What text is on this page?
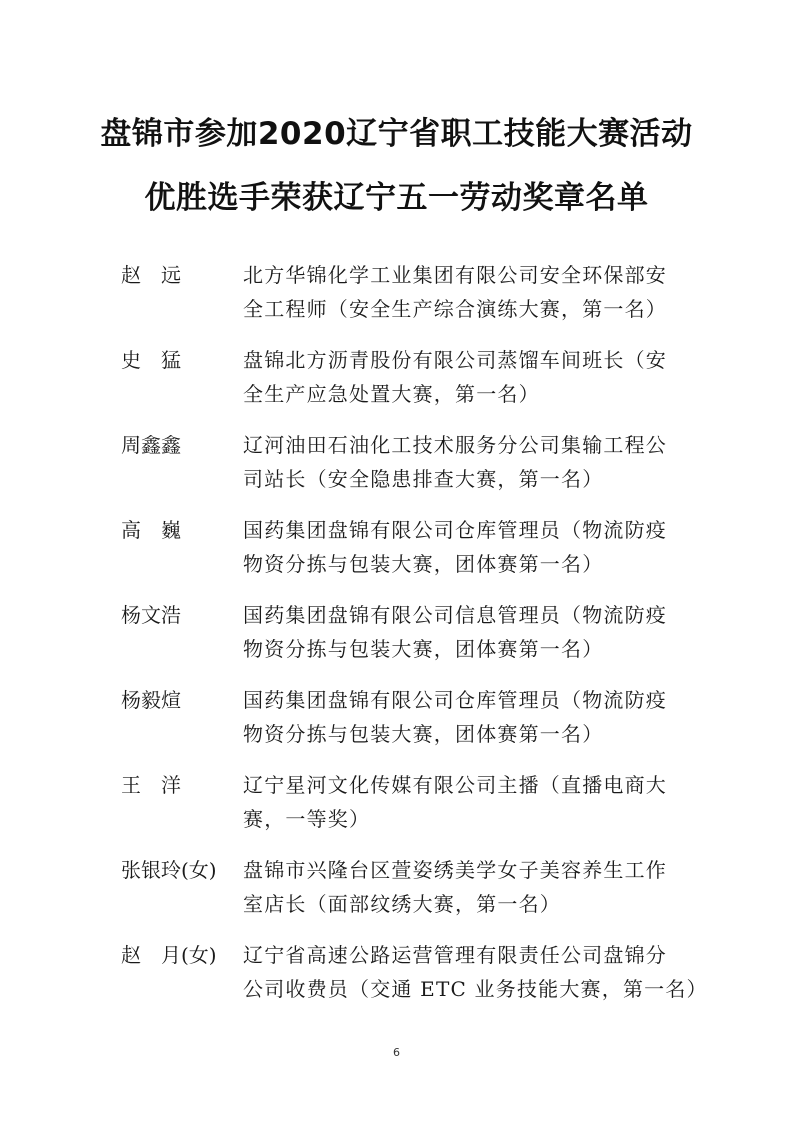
盘锦市参加2020辽宁省职工技能大赛活动
优胜选手荣获辽宁五一劳动奖章名单
赵　远	北方华锦化学工业集团有限公司安全环保部安
全工程师（安全生产综合演练大赛，第一名）
史　猛	盘锦北方沥青股份有限公司蒸馏车间班长（安
全生产应急处置大赛，第一名）
周鑫鑫	辽河油田石油化工技术服务分公司集输工程公
司站长（安全隐患排查大赛，第一名）
高　巍	国药集团盘锦有限公司仓库管理员（物流防疫
物资分拣与包装大赛，团体赛第一名）
杨文浩	国药集团盘锦有限公司信息管理员（物流防疫
物资分拣与包装大赛，团体赛第一名）
杨毅煊	国药集团盘锦有限公司仓库管理员（物流防疫
物资分拣与包装大赛，团体赛第一名）
王　洋	辽宁星河文化传媒有限公司主播（直播电商大
赛，一等奖）
张银玲(女)	盘锦市兴隆台区萱姿绣美学女子美容养生工作
室店长（面部纹绣大赛，第一名）
赵　月(女)	辽宁省高速公路运营管理有限责任公司盘锦分
公司收费员（交通 ETC 业务技能大赛，第一名）
6
